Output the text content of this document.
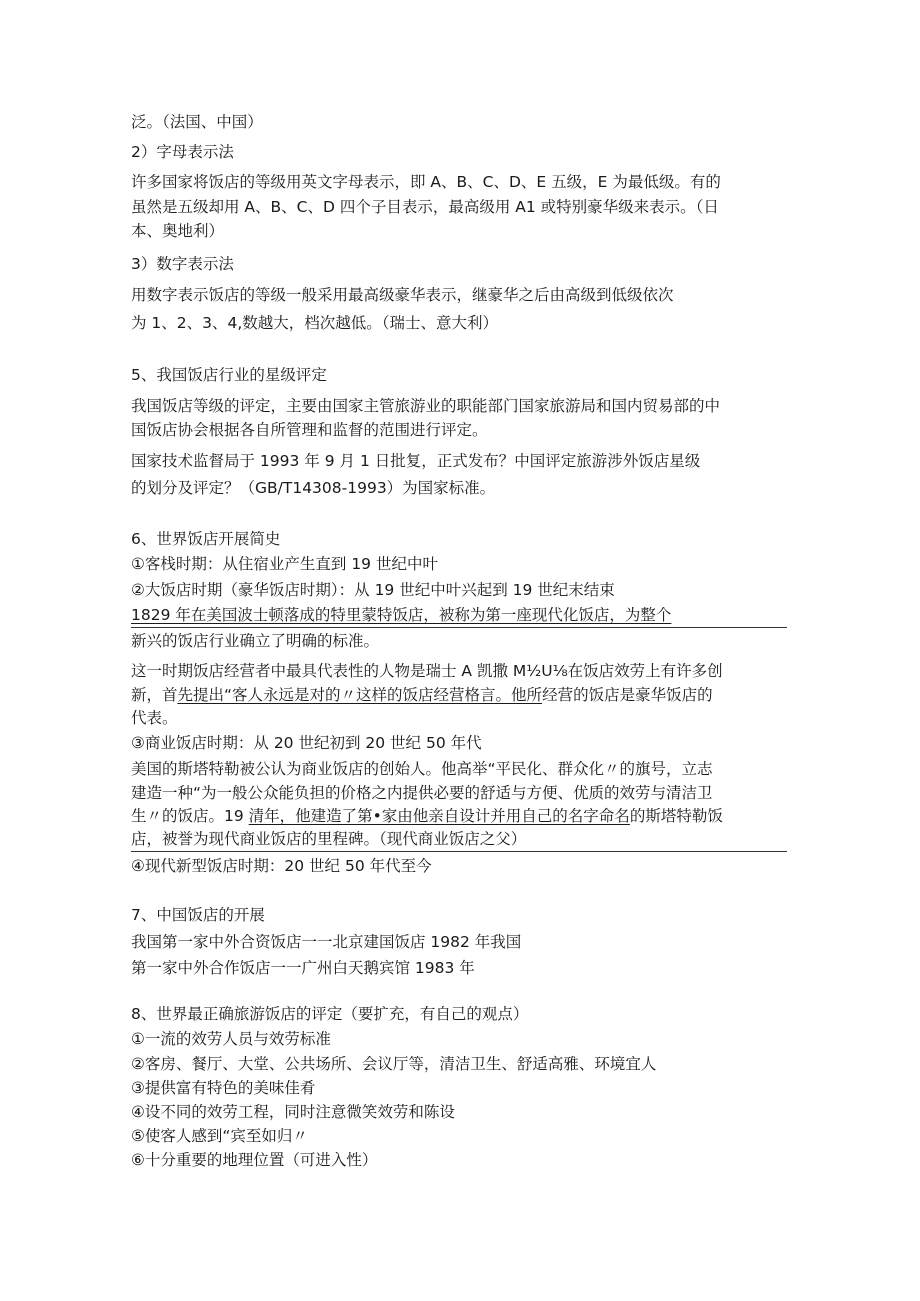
泛。（法国、中国）
2）字母表示法
许多国家将饭店的等级用英文字母表示，即 A、B、C、D、E 五级，E 为最低级。有的
虽然是五级却用 A、B、C、D 四个子目表示，最高级用 A1 或特别豪华级来表示。（日
本、奥地利）
3）数字表示法
用数字表示饭店的等级一般采用最高级豪华表示，继豪华之后由高级到低级依次
为 1、2、3、4,数越大，档次越低。（瑞士、意大利）
5、我国饭店行业的星级评定
我国饭店等级的评定，主要由国家主管旅游业的职能部门国家旅游局和国内贸易部的中
国饭店协会根据各自所管理和监督的范围进行评定。
国家技术监督局于 1993 年 9 月 1 日批复，正式发布？中国评定旅游涉外饭店星级
的划分及评定？（GB/T14308-1993）为国家标准。
6、世界饭店开展简史
①客栈时期：从住宿业产生直到 19 世纪中叶
②大饭店时期（豪华饭店时期）：从 19 世纪中叶兴起到 19 世纪末结束
1829 年在美国波士顿落成的特里蒙特饭店，被称为第一座现代化饭店，为整个
新兴的饭店行业确立了明确的标准。
这一时期饭店经营者中最具代表性的人物是瑞士 A 凯撒 M½U⅛在饭店效劳上有许多创
新，首先提出“客人永远是对的〃这样的饭店经营格言。他所经营的饭店是豪华饭店的
代表。
③商业饭店时期：从 20 世纪初到 20 世纪 50 年代
美国的斯塔特勒被公认为商业饭店的创始人。他高举“平民化、群众化〃的旗号，立志
建造一种“为一般公众能负担的价格之内提供必要的舒适与方便、优质的效劳与清洁卫
生〃的饭店。19 清年，他建造了第•家由他亲自设计并用自己的名字命名的斯塔特勒饭
店，被誉为现代商业饭店的里程碑。（现代商业饭店之父）
④现代新型饭店时期：20 世纪 50 年代至今
7、中国饭店的开展
我国第一家中外合资饭店一一北京建国饭店 1982 年我国
第一家中外合作饭店一一广州白天鹅宾馆 1983 年
8、世界最正确旅游饭店的评定（要扩充，有自己的观点）
①一流的效劳人员与效劳标准
②客房、餐厅、大堂、公共场所、会议厅等，清洁卫生、舒适高雅、环境宜人
③提供富有特色的美味佳肴
④设不同的效劳工程，同时注意微笑效劳和陈设
⑤使客人感到“宾至如归〃
⑥十分重要的地理位置（可进入性）
